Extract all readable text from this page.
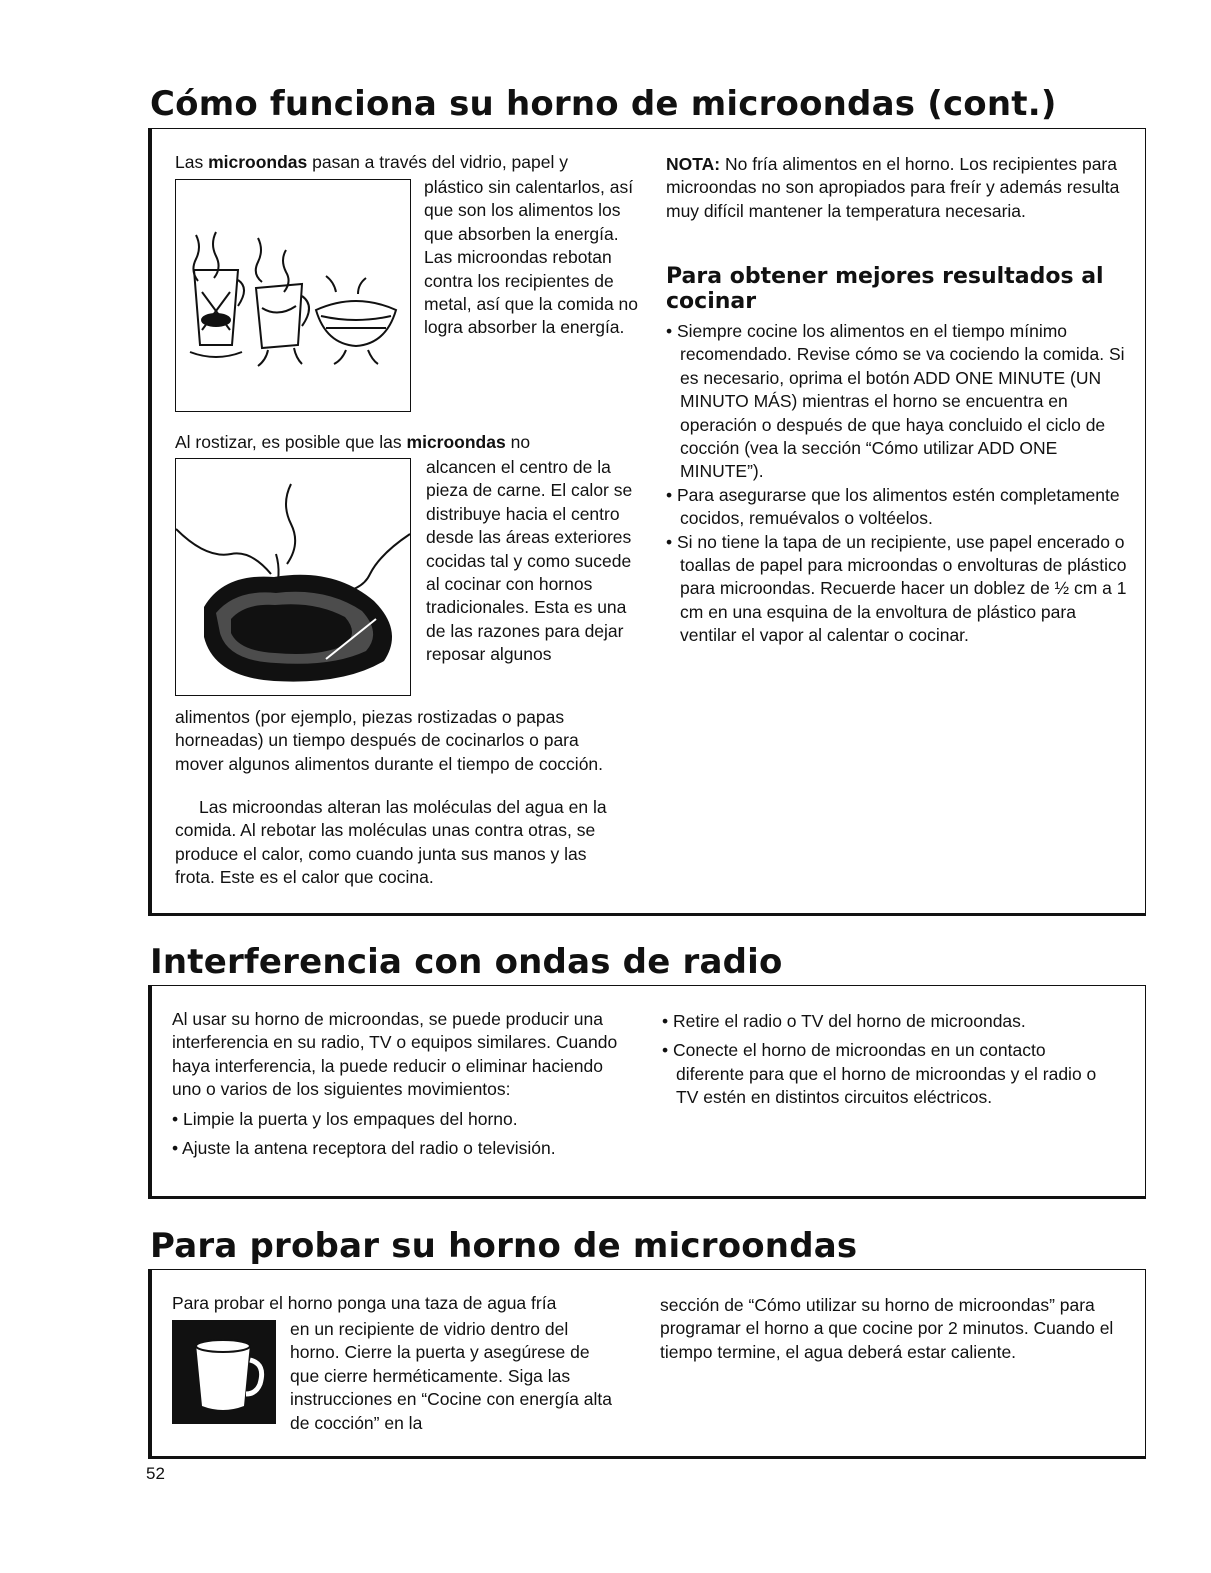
Cómo funciona su horno de microondas (cont.)
Las microondas pasan a través del vidrio, papel y
plástico sin calentarlos, así que son los alimentos los que absorben la energía. Las microondas rebotan contra los recipientes de metal, así que la comida no logra absorber la energía.
Al rostizar, es posible que las microondas no
alcancen el centro de la pieza de carne. El calor se distribuye hacia el centro desde las áreas exteriores cocidas tal y como sucede al cocinar con hornos tradicionales. Esta es una de las razones para dejar reposar algunos
alimentos (por ejemplo, piezas rostizadas o papas horneadas) un tiempo después de cocinarlos o para mover algunos alimentos durante el tiempo de cocción.
Las microondas alteran las moléculas del agua en la comida. Al rebotar las moléculas unas contra otras, se produce el calor, como cuando junta sus manos y las frota. Este es el calor que cocina.
NOTA: No fría alimentos en el horno. Los recipientes para microondas no son apropiados para freír y además resulta muy difícil mantener la temperatura necesaria.
Para obtener mejores resultados al cocinar

• Siempre cocine los alimentos en el tiempo mínimo recomendado. Revise cómo se va cociendo la comida. Si es necesario, oprima el botón ADD ONE MINUTE (UN MINUTO MÁS) mientras el horno se encuentra en operación o después de que haya concluido el ciclo de cocción (vea la sección “Cómo utilizar ADD ONE MINUTE”).

• Para asegurarse que los alimentos estén completamente cocidos, remuévalos o voltéelos.

• Si no tiene la tapa de un recipiente, use papel encerado o toallas de papel para microondas o envolturas de plástico para microondas. Recuerde hacer un doblez de ½ cm a 1 cm en una esquina de la envoltura de plástico para ventilar el vapor al calentar o cocinar.

Interferencia con ondas de radio

Al usar su horno de microondas, se puede producir una interferencia en su radio, TV o equipos similares. Cuando haya interferencia, la puede reducir o eliminar haciendo uno o varios de los siguientes movimientos:

• Limpie la puerta y los empaques del horno.

• Ajuste la antena receptora del radio o televisión.

• Retire el radio o TV del horno de microondas.

• Conecte el horno de microondas en un contacto diferente para que el horno de microondas y el radio o TV estén en distintos circuitos eléctricos.

Para probar su horno de microondas
Para probar el horno ponga una taza de agua fría
en un recipiente de vidrio dentro del horno. Cierre la puerta y asegúrese de que cierre herméticamente. Siga las instrucciones en “Cocine con energía alta de cocción” en la
sección de “Cómo utilizar su horno de microondas” para programar el horno a que cocine por 2 minutos. Cuando el tiempo termine, el agua deberá estar caliente.
52
